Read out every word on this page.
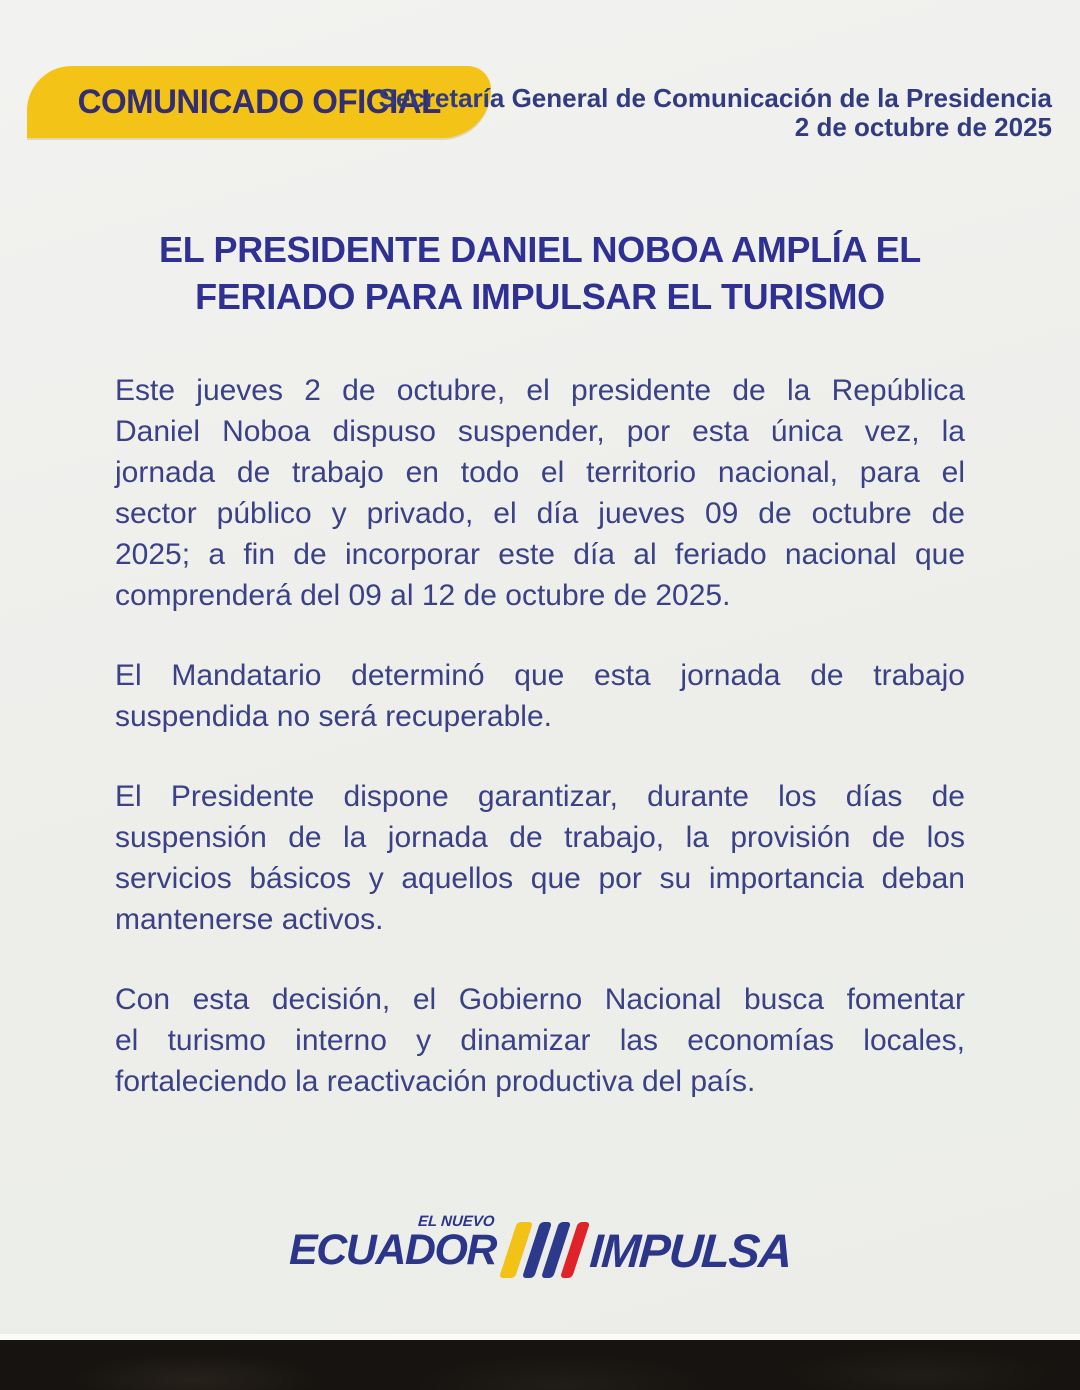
COMUNICADO OFICIAL
Secretaría General de Comunicación de la Presidencia
2 de octubre de 2025
EL PRESIDENTE DANIEL NOBOA AMPLÍA EL
FERIADO PARA IMPULSAR EL TURISMO
Este jueves 2 de octubre, el presidente de la República
Daniel Noboa dispuso suspender, por esta única vez, la
jornada de trabajo en todo el territorio nacional, para el
sector público y privado, el día jueves 09 de octubre de
2025; a fin de incorporar este día al feriado nacional que
comprenderá del 09 al 12 de octubre de 2025.
El Mandatario determinó que esta jornada de trabajo
suspendida no será recuperable.
El Presidente dispone garantizar, durante los días de
suspensión de la jornada de trabajo, la provisión de los
servicios básicos y aquellos que por su importancia deban
mantenerse activos.
Con esta decisión, el Gobierno Nacional busca fomentar
el turismo interno y dinamizar las economías locales,
fortaleciendo la reactivación productiva del país.
EL NUEVO
ECUADOR IMPULSA
